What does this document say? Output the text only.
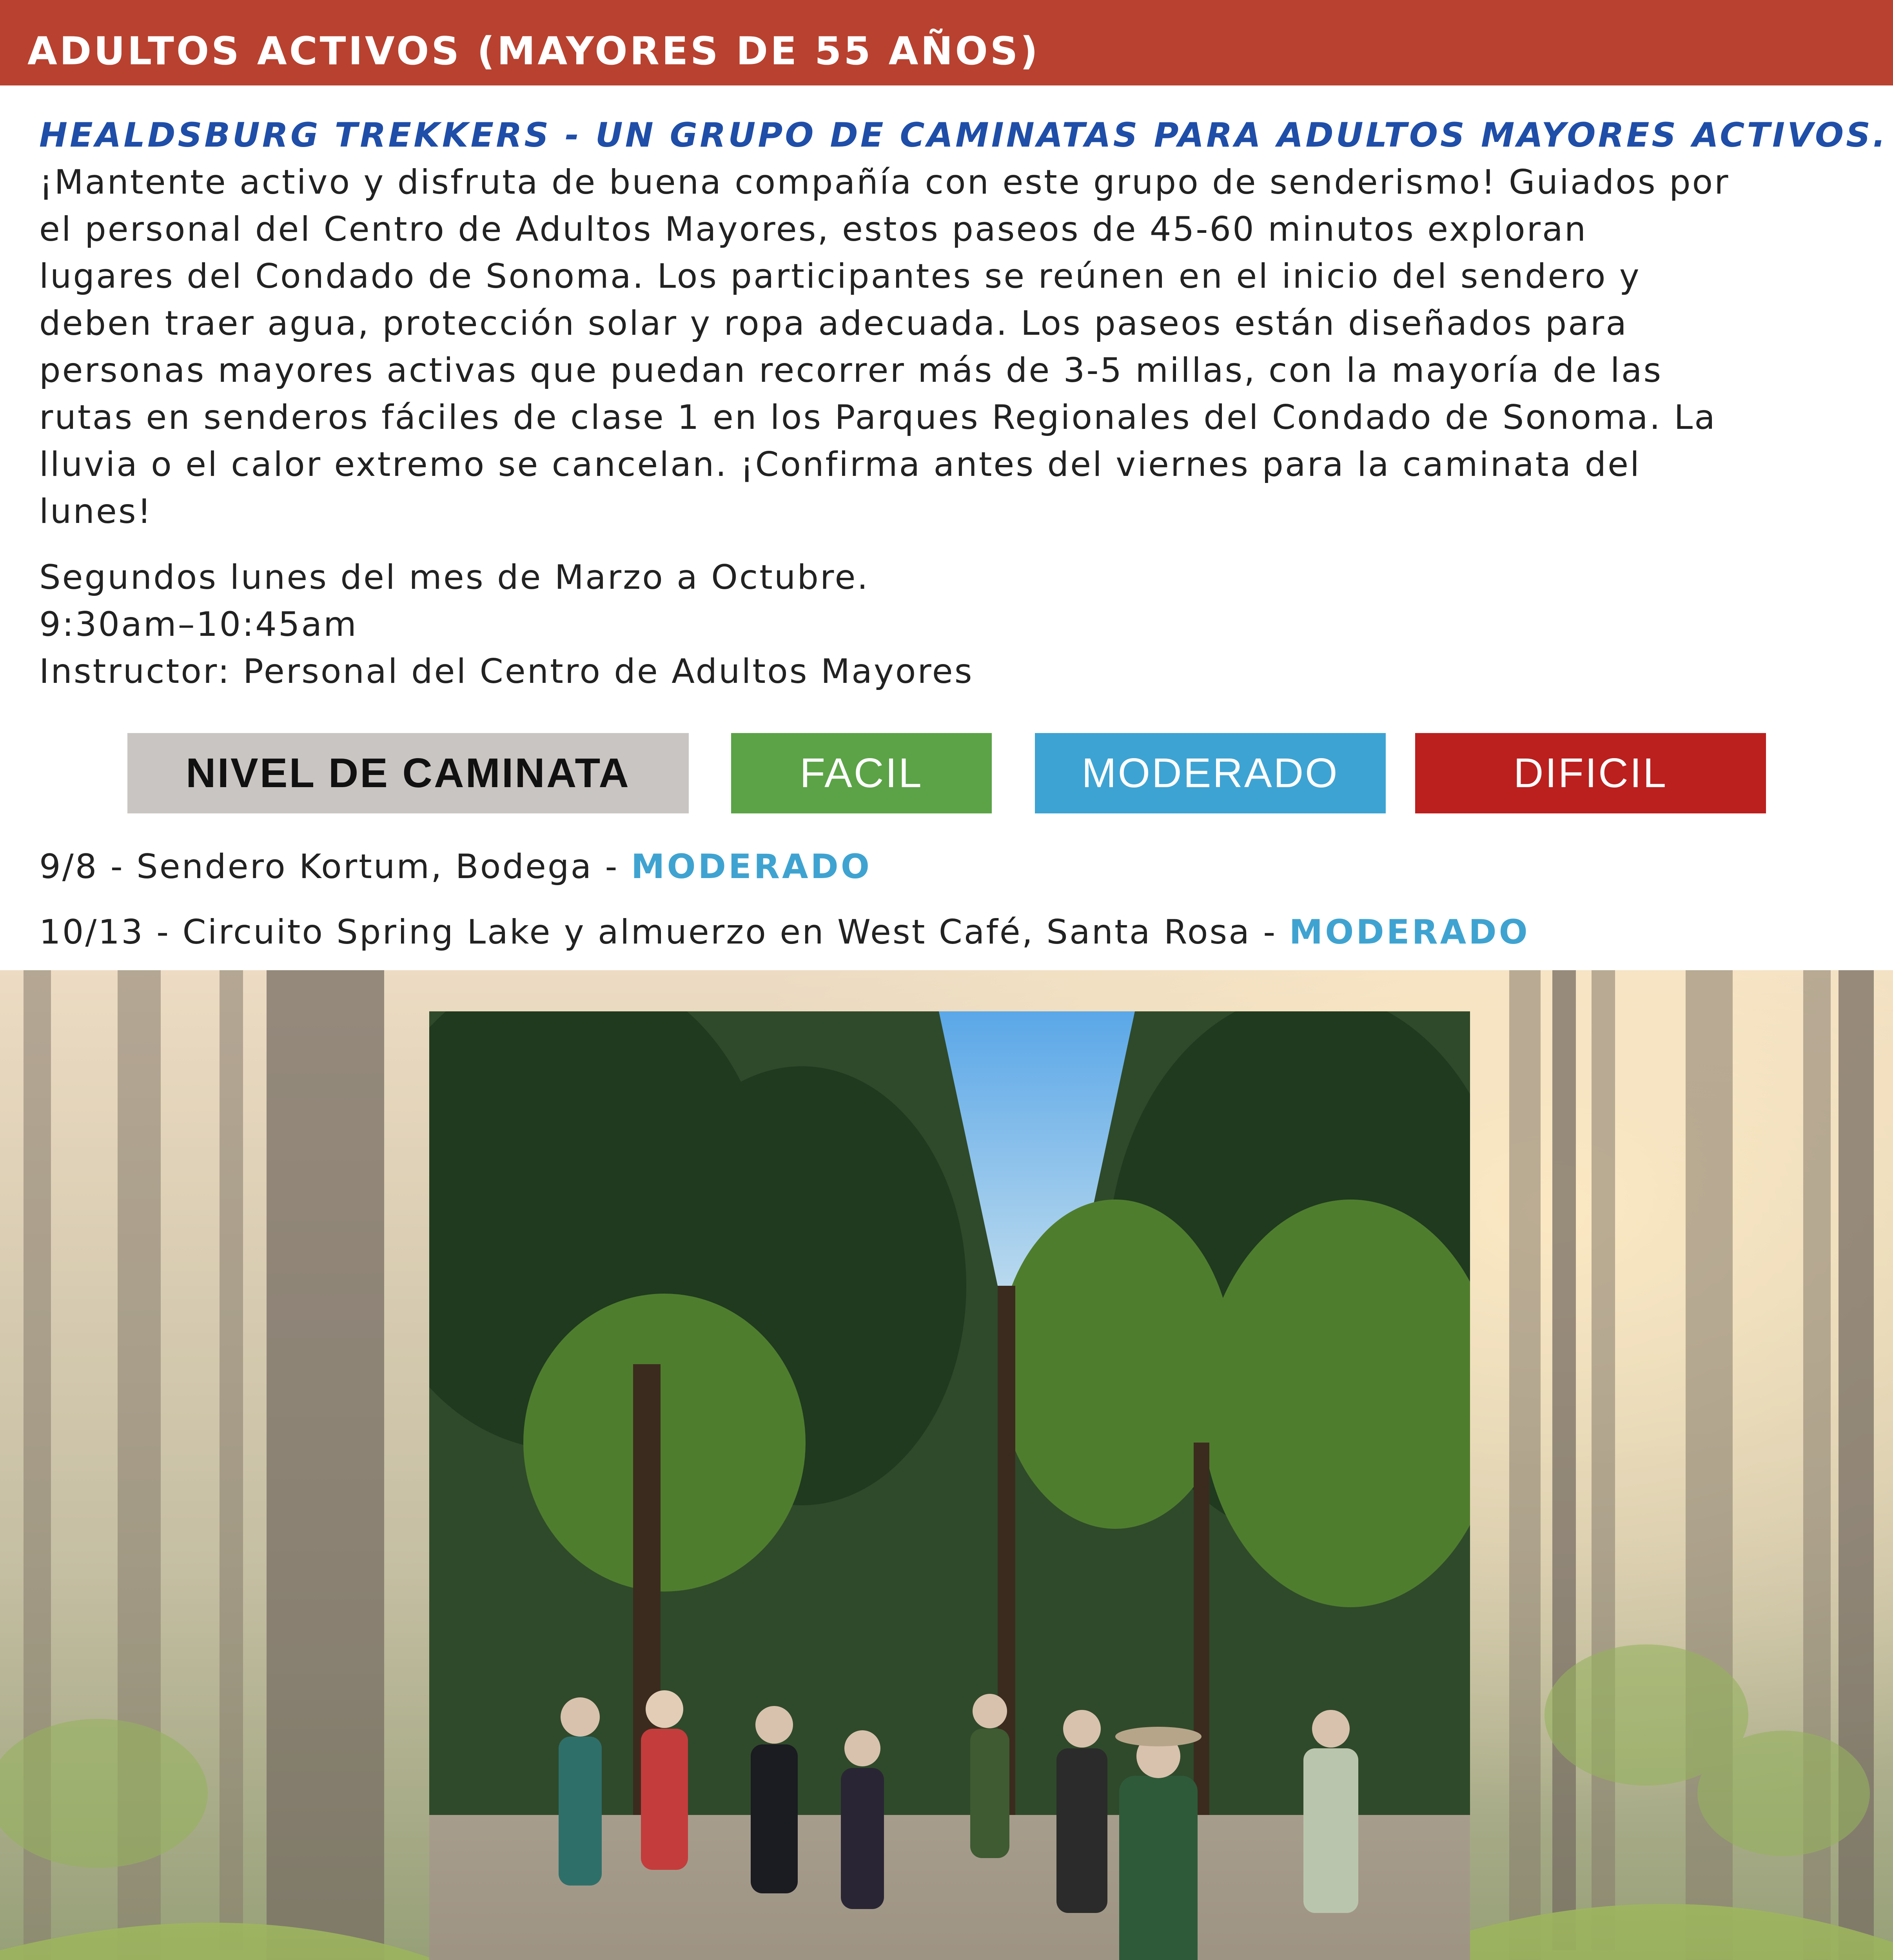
ADULTOS ACTIVOS (MAYORES DE 55 AÑOS)
HEALDSBURG TREKKERS - UN GRUPO DE CAMINATAS PARA ADULTOS MAYORES ACTIVOS.

¡Mantente activo y disfruta de buena compañía con este grupo de senderismo! Guiados por

el personal del Centro de Adultos Mayores, estos paseos de 45-60 minutos exploran

lugares del Condado de Sonoma. Los participantes se reúnen en el inicio del sendero y

deben traer agua, protección solar y ropa adecuada. Los paseos están diseñados para

personas mayores activas que puedan recorrer más de 3-5 millas, con la mayoría de las

rutas en senderos fáciles de clase 1 en los Parques Regionales del Condado de Sonoma. La

lluvia o el calor extremo se cancelan. ¡Confirma antes del viernes para la caminata del

lunes!

Segundos lunes del mes de Marzo a Octubre.
9:30am–10:45am
Instructor: Personal del Centro de Adultos Mayores
NIVEL DE CAMINATA	FACIL	MODERADO	DIFICIL
9/8 - Sendero Kortum, Bodega - MODERADO
10/13 - Circuito Spring Lake y almuerzo en West Café, Santa Rosa - MODERADO
